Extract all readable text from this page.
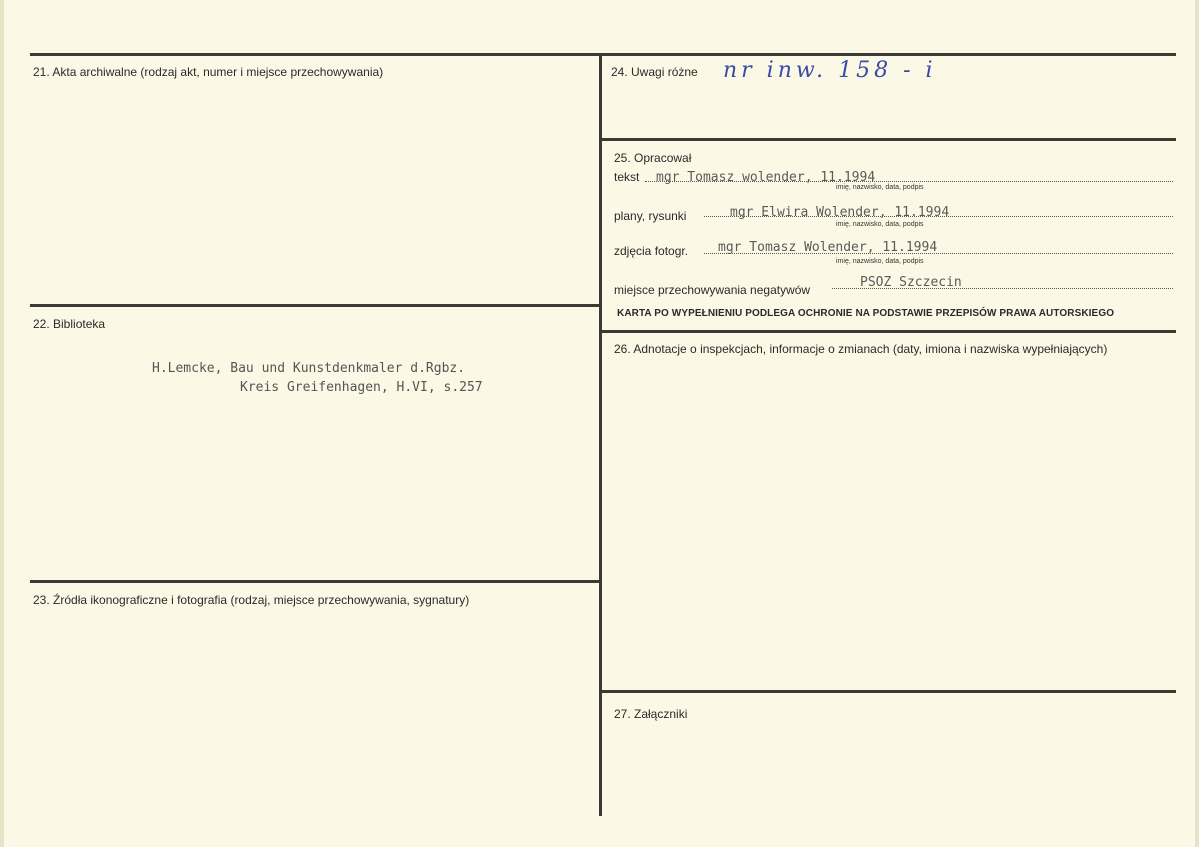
21. Akta archiwalne (rodzaj akt, numer i miejsce przechowywania)
22. Biblioteka
H.Lemcke, Bau und Kunstdenkmaler d.Rgbz.
Kreis Greifenhagen, H.VI, s.257
23. Źródła ikonograficzne i fotografia (rodzaj, miejsce przechowywania, sygnatury)
24. Uwagi różne nr inw. 158 - i
25. Opracował
tekst mgr Tomasz wolender, 11.1994
imię, nazwisko, data, podpis
plany, rysunki	mgr Elwira Wolender, 11.1994
imię, nazwisko, data, podpis
zdjęcia fotogr. mgr Tomasz Wolender, 11.1994
imię, nazwisko, data, podpis
miejsce przechowywania negatywów	PSOZ Szczecin
KARTA PO WYPEŁNIENIU PODLEGA OCHRONIE NA PODSTAWIE PRZEPISÓW PRAWA AUTORSKIEGO
26. Adnotacje o inspekcjach, informacje o zmianach (daty, imiona i nazwiska wypełniających)
27. Załączniki
